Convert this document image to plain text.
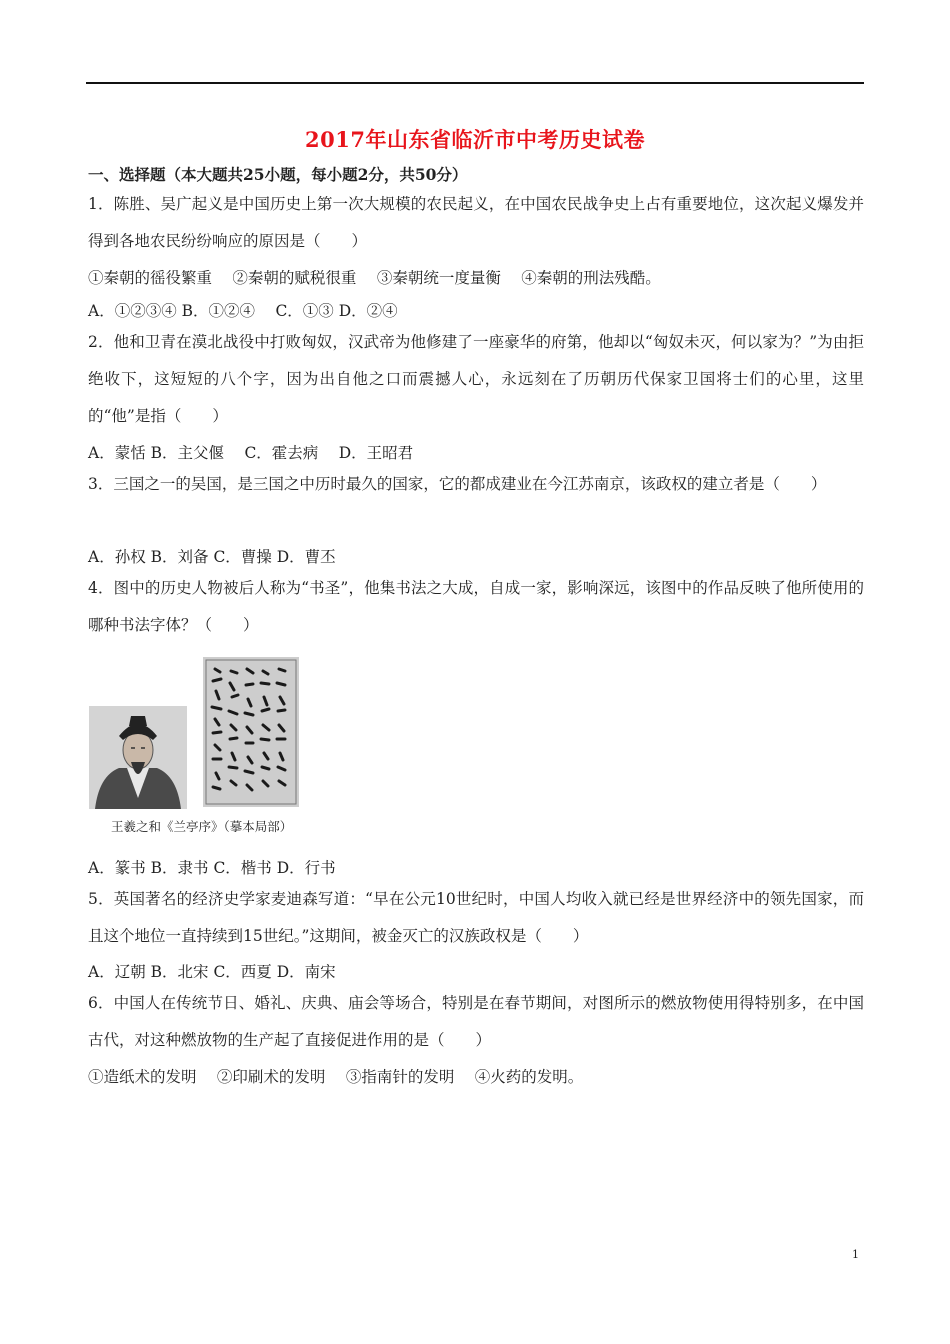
2017年山东省临沂市中考历史试卷
一、选择题（本大题共25小题，每小题2分，共50分）
1．陈胜、吴广起义是中国历史上第一次大规模的农民起义，在中国农民战争史上占有重要地位，这次起义爆发并得到各地农民纷纷响应的原因是（　　）
①秦朝的徭役繁重　 ②秦朝的赋税很重　 ③秦朝统一度量衡　 ④秦朝的刑法残酷。
A．①②③④ B．①②④　 C．①③ D．②④
2．他和卫青在漠北战役中打败匈奴，汉武帝为他修建了一座豪华的府第，他却以“匈奴未灭，何以家为？”为由拒绝收下，这短短的八个字，因为出自他之口而震撼人心，永远刻在了历朝历代保家卫国将士们的心里，这里的“他”是指（　　）
A．蒙恬 B．主父偃　 C．霍去病　 D．王昭君
3．三国之一的吴国，是三国之中历时最久的国家，它的都成建业在今江苏南京，该政权的建立者是（　　）
A．孙权 B．刘备 C．曹操 D．曹丕
4．图中的历史人物被后人称为“书圣”，他集书法之大成，自成一家，影响深远，该图中的作品反映了他所使用的哪种书法字体？（　　）
王羲之和《兰亭序》（摹本局部）
A．篆书 B．隶书 C．楷书 D．行书
5．英国著名的经济史学家麦迪森写道：“早在公元10世纪时，中国人均收入就已经是世界经济中的领先国家，而且这个地位一直持续到15世纪。”这期间，被金灭亡的汉族政权是（　　）
A．辽朝 B．北宋 C．西夏 D．南宋
6．中国人在传统节日、婚礼、庆典、庙会等场合，特别是在春节期间，对图所示的燃放物使用得特别多，在中国古代，对这种燃放物的生产起了直接促进作用的是（　　）
①造纸术的发明　 ②印刷术的发明　 ③指南针的发明　 ④火药的发明。
1
